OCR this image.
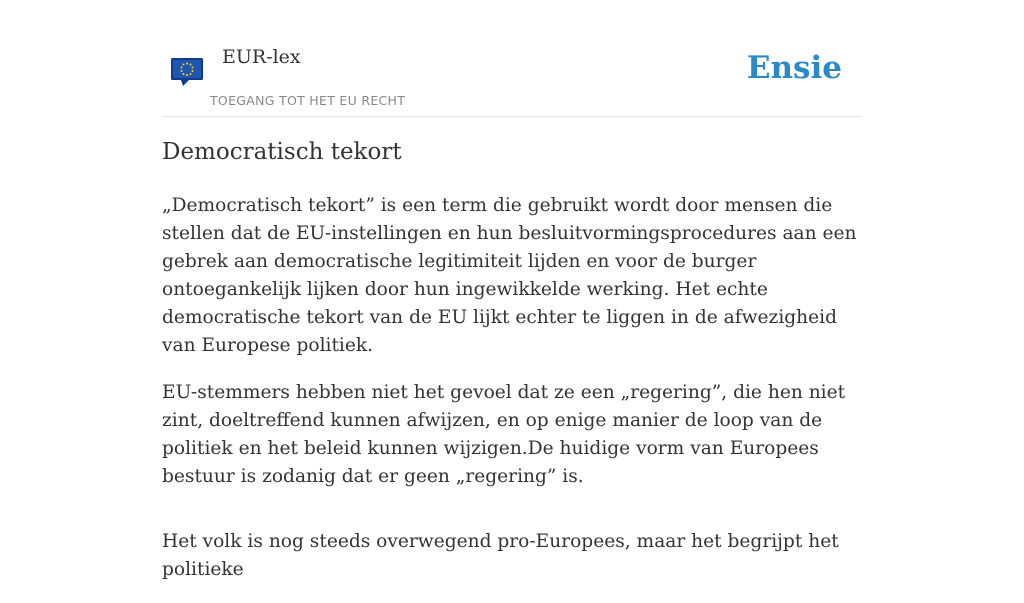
EUR-lex
TOEGANG TOT HET EU RECHT
Ensie
Democratisch tekort

„Democratisch tekort” is een term die gebruikt wordt door mensen die stellen dat de EU-instellingen en hun besluitvormingsprocedures aan een gebrek aan democratische legitimiteit lijden en voor de burger ontoegankelijk lijken door hun ingewikkelde werking. Het echte democratische tekort van de EU lijkt echter te liggen in de afwezigheid van Europese politiek.

EU-stemmers hebben niet het gevoel dat ze een „regering”, die hen niet zint, doeltreffend kunnen afwijzen, en op enige manier de loop van de politiek en het beleid kunnen wijzigen.De huidige vorm van Europees bestuur is zodanig dat er geen „regering” is.

Het volk is nog steeds overwegend pro-Europees, maar het begrijpt het politieke
